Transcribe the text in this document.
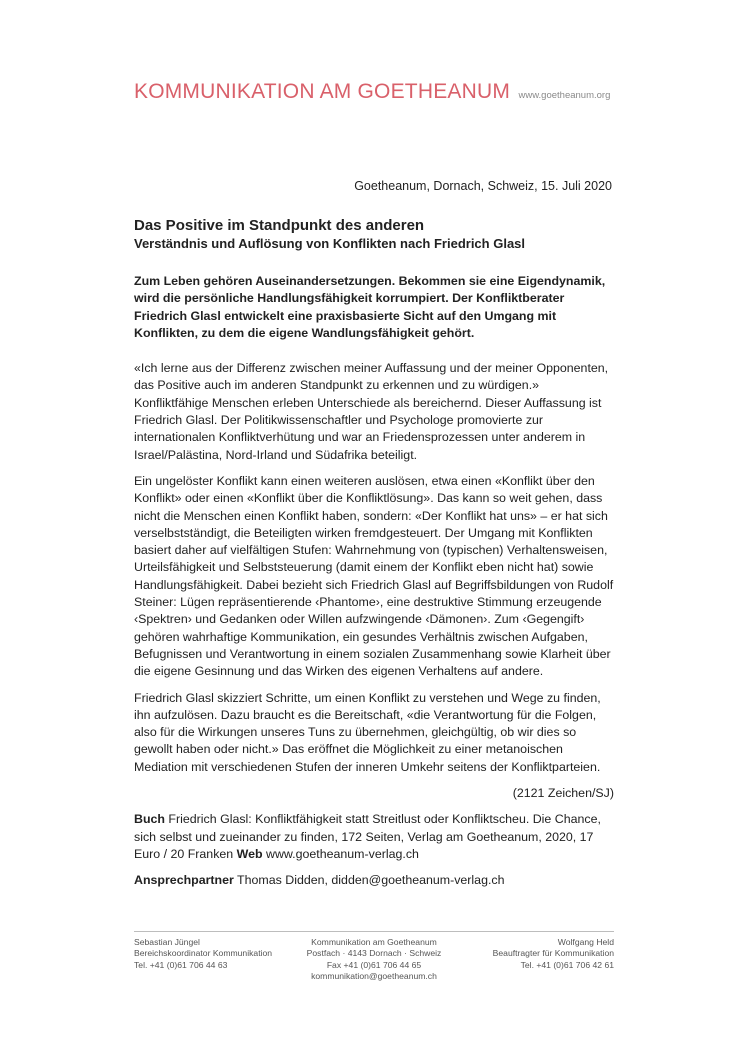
KOMMUNIKATION AM GOETHEANUM www.goetheanum.org
Goetheanum, Dornach, Schweiz, 15. Juli 2020
Das Positive im Standpunkt des anderen
Verständnis und Auflösung von Konflikten nach Friedrich Glasl

Zum Leben gehören Auseinandersetzungen. Bekommen sie eine Eigendynamik, wird die persönliche Handlungsfähigkeit korrumpiert. Der Konfliktberater Friedrich Glasl entwickelt eine praxisbasierte Sicht auf den Umgang mit Konflikten, zu dem die eigene Wandlungsfähigkeit gehört.

«Ich lerne aus der Differenz zwischen meiner Auffassung und der meiner Opponenten, das Positive auch im anderen Standpunkt zu erkennen und zu würdigen.» Konfliktfähige Menschen erleben Unterschiede als bereichernd. Dieser Auffassung ist Friedrich Glasl. Der Politikwissenschaftler und Psychologe promovierte zur internationalen Konfliktverhütung und war an Friedensprozessen unter anderem in Israel/Palästina, Nord-Irland und Südafrika beteiligt.

Ein ungelöster Konflikt kann einen weiteren auslösen, etwa einen «Konflikt über den Konflikt» oder einen «Konflikt über die Konfliktlösung». Das kann so weit gehen, dass nicht die Menschen einen Konflikt haben, sondern: «Der Konflikt hat uns» – er hat sich verselbstständigt, die Beteiligten wirken fremdgesteuert. Der Umgang mit Konflikten basiert daher auf vielfältigen Stufen: Wahrnehmung von (typischen) Verhaltensweisen, Urteilsfähigkeit und Selbststeuerung (damit einem der Konflikt eben nicht hat) sowie Handlungsfähigkeit. Dabei bezieht sich Friedrich Glasl auf Begriffsbildungen von Rudolf Steiner: Lügen repräsentierende ‹Phantome›, eine destruktive Stimmung erzeugende ‹Spektren› und Gedanken oder Willen aufzwingende ‹Dämonen›. Zum ‹Gegengift› gehören wahrhaftige Kommunikation, ein gesundes Verhältnis zwischen Aufgaben, Befugnissen und Verantwortung in einem sozialen Zusammenhang sowie Klarheit über die eigene Gesinnung und das Wirken des eigenen Verhaltens auf andere.

Friedrich Glasl skizziert Schritte, um einen Konflikt zu verstehen und Wege zu finden, ihn aufzulösen. Dazu braucht es die Bereitschaft, «die Verantwortung für die Folgen, also für die Wirkungen unseres Tuns zu übernehmen, gleichgültig, ob wir dies so gewollt haben oder nicht.» Das eröffnet die Möglichkeit zu einer metanoischen Mediation mit verschiedenen Stufen der inneren Umkehr seitens der Konfliktparteien.

(2121 Zeichen/SJ)

Buch Friedrich Glasl: Konfliktfähigkeit statt Streitlust oder Konfliktscheu. Die Chance, sich selbst und zueinander zu finden, 172 Seiten, Verlag am Goetheanum, 2020, 17 Euro / 20 Franken Web www.goetheanum-verlag.ch

Ansprechpartner Thomas Didden, didden@goetheanum-verlag.ch

Kommunikation am Goetheanum
Postfach · 4143 Dornach · Schweiz
Fax +41 (0)61 706 44 65
kommunikation@goetheanum.ch
Sebastian Jüngel
Bereichskoordinator Kommunikation
Tel. +41 (0)61 706 44 63
Wolfgang Held
Beauftragter für Kommunikation
Tel. +41 (0)61 706 42 61
